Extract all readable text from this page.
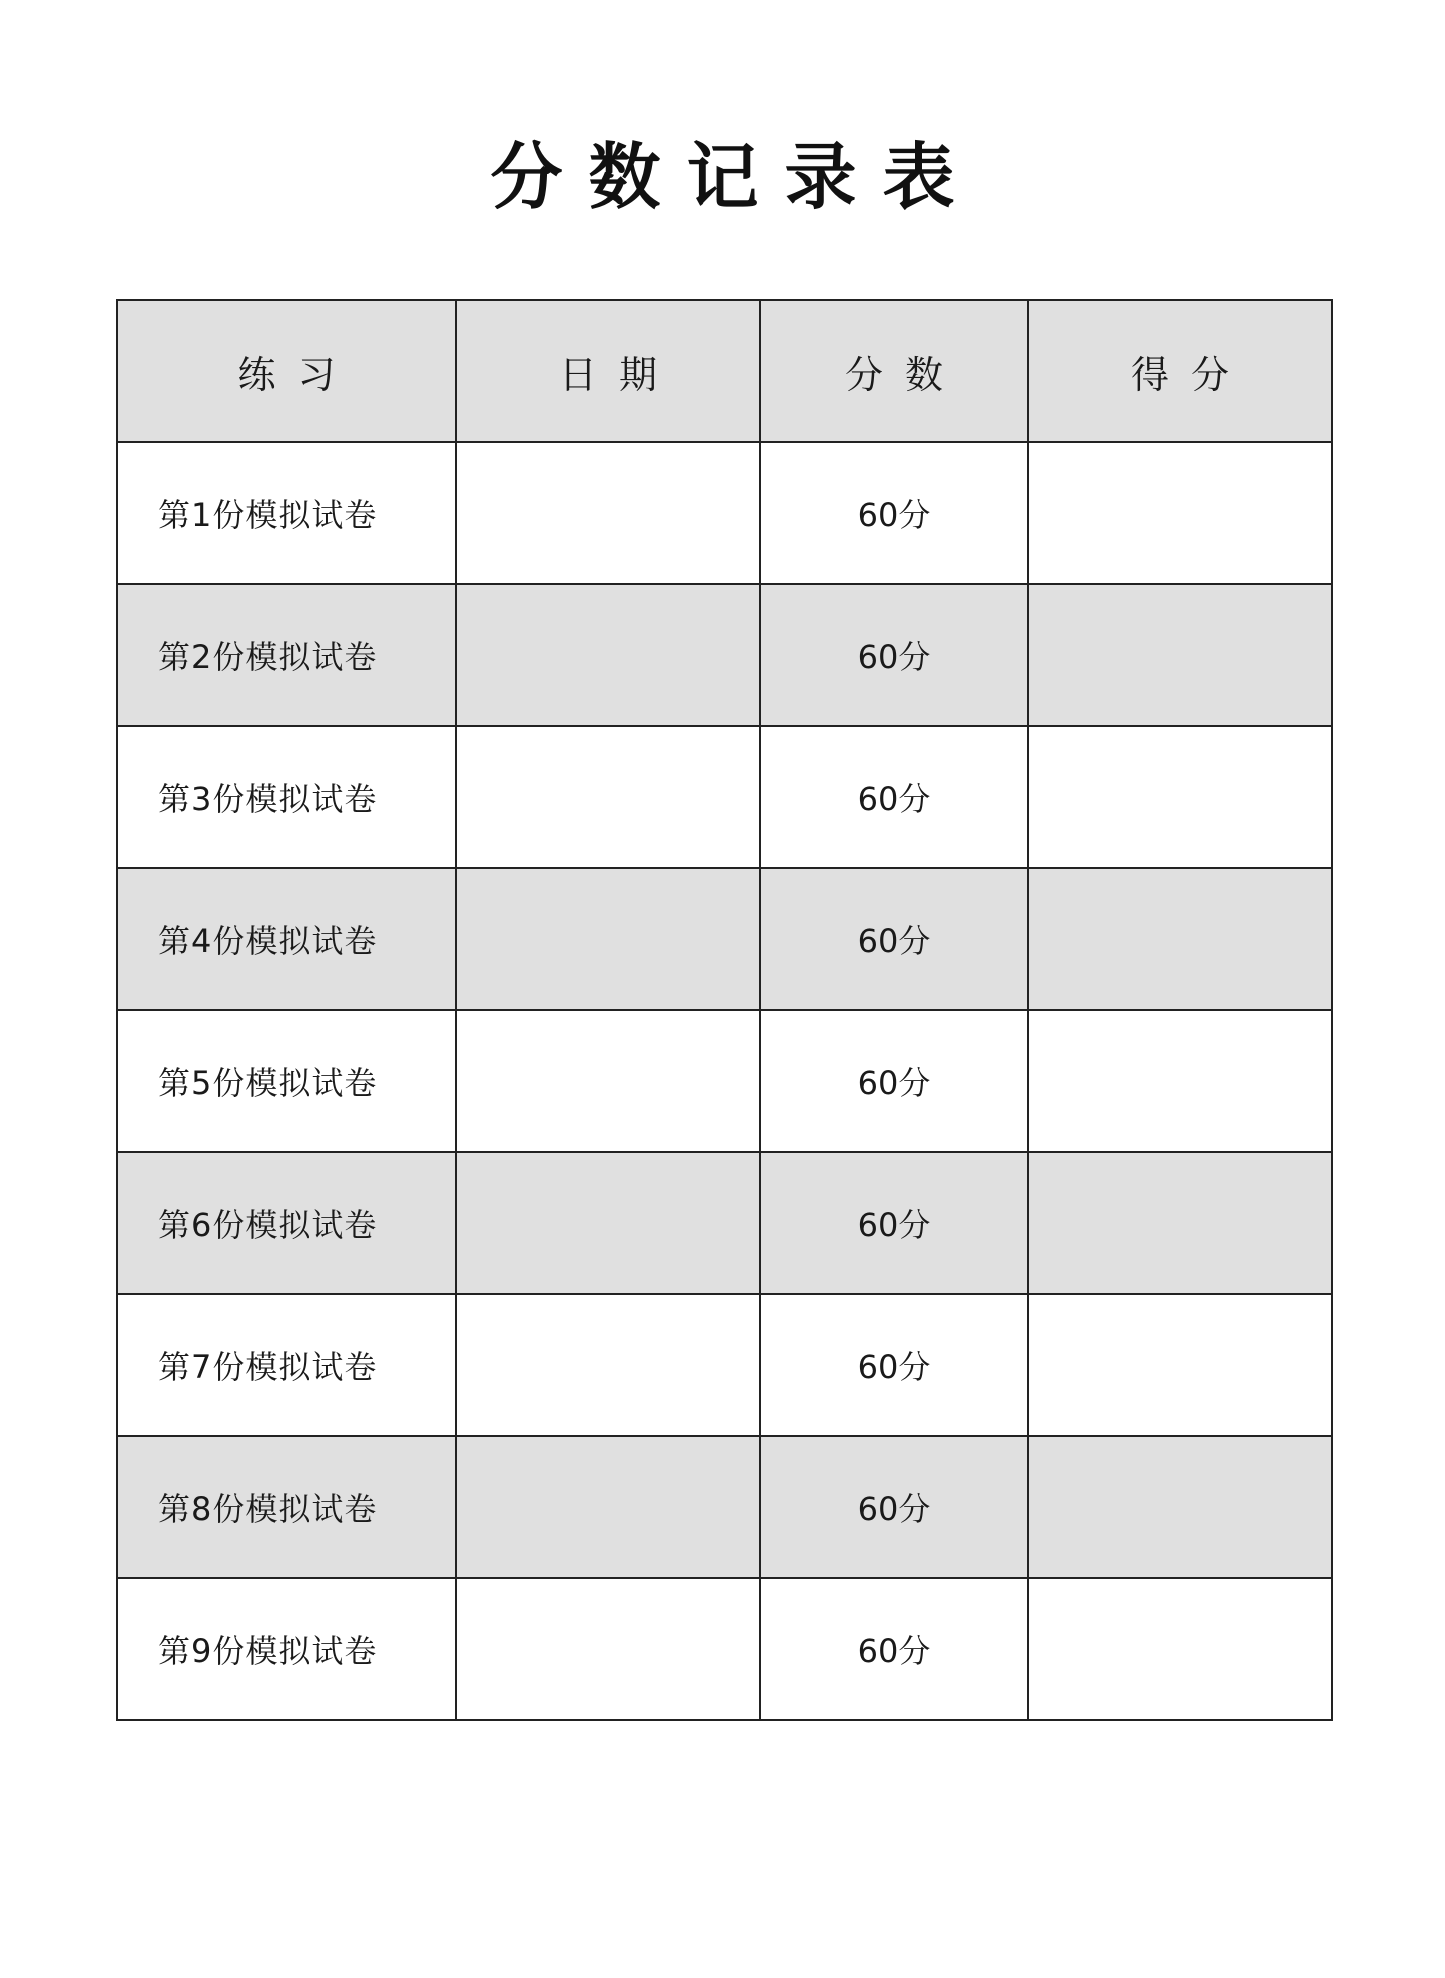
分数记录表
练习	日期	分数	得分
第1份模拟试卷		60分	
第2份模拟试卷		60分	
第3份模拟试卷		60分	
第4份模拟试卷		60分	
第5份模拟试卷		60分	
第6份模拟试卷		60分	
第7份模拟试卷		60分	
第8份模拟试卷		60分	
第9份模拟试卷		60分	
